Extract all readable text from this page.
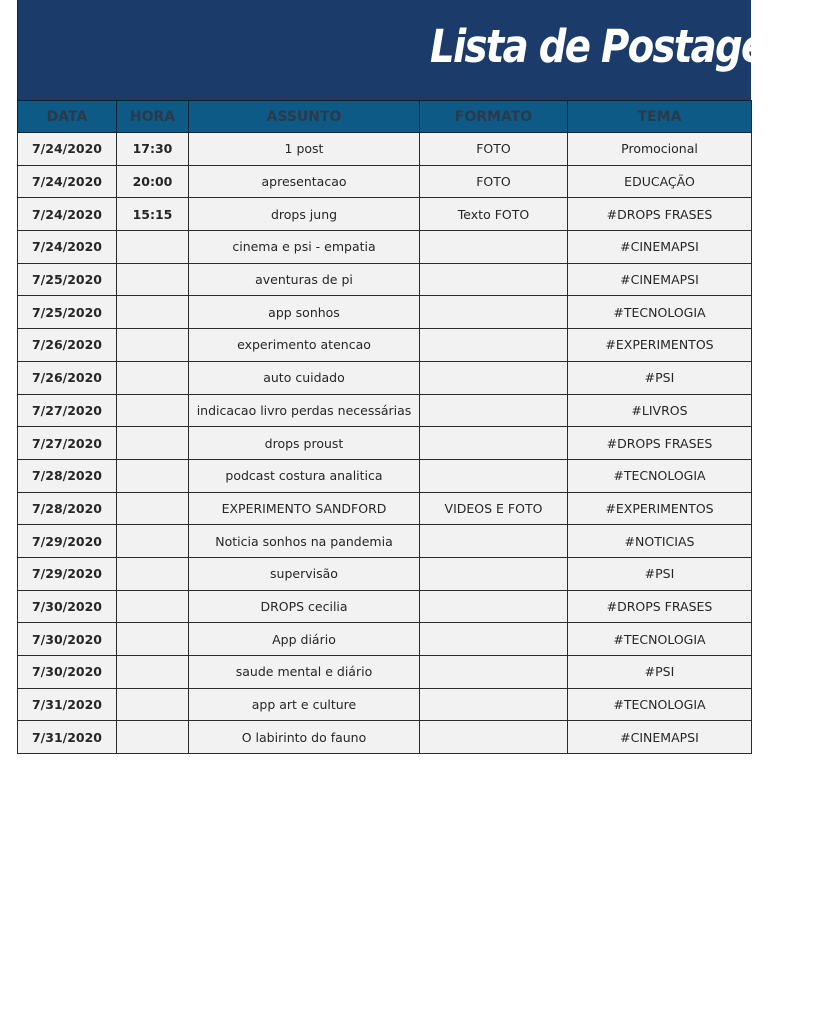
Lista de Postagens
DATA	HORA	ASSUNTO	FORMATO	TEMA
7/24/2020	17:30	1 post	FOTO	Promocional
7/24/2020	20:00	apresentacao	FOTO	EDUCAÇÃO
7/24/2020	15:15	drops jung	Texto FOTO	#DROPS FRASES
7/24/2020		cinema e psi - empatia		#CINEMAPSI
7/25/2020		aventuras de pi		#CINEMAPSI
7/25/2020		app sonhos		#TECNOLOGIA
7/26/2020		experimento atencao		#EXPERIMENTOS
7/26/2020		auto cuidado		#PSI
7/27/2020		indicacao livro perdas necessárias		#LIVROS
7/27/2020		drops proust		#DROPS FRASES
7/28/2020		podcast costura analitica		#TECNOLOGIA
7/28/2020		EXPERIMENTO SANDFORD	VIDEOS E FOTO	#EXPERIMENTOS
7/29/2020		Noticia sonhos na pandemia		#NOTICIAS
7/29/2020		supervisão		#PSI
7/30/2020		DROPS cecilia		#DROPS FRASES
7/30/2020		App diário		#TECNOLOGIA
7/30/2020		saude mental e diário		#PSI
7/31/2020		app art e culture		#TECNOLOGIA
7/31/2020		O labirinto do fauno		#CINEMAPSI
